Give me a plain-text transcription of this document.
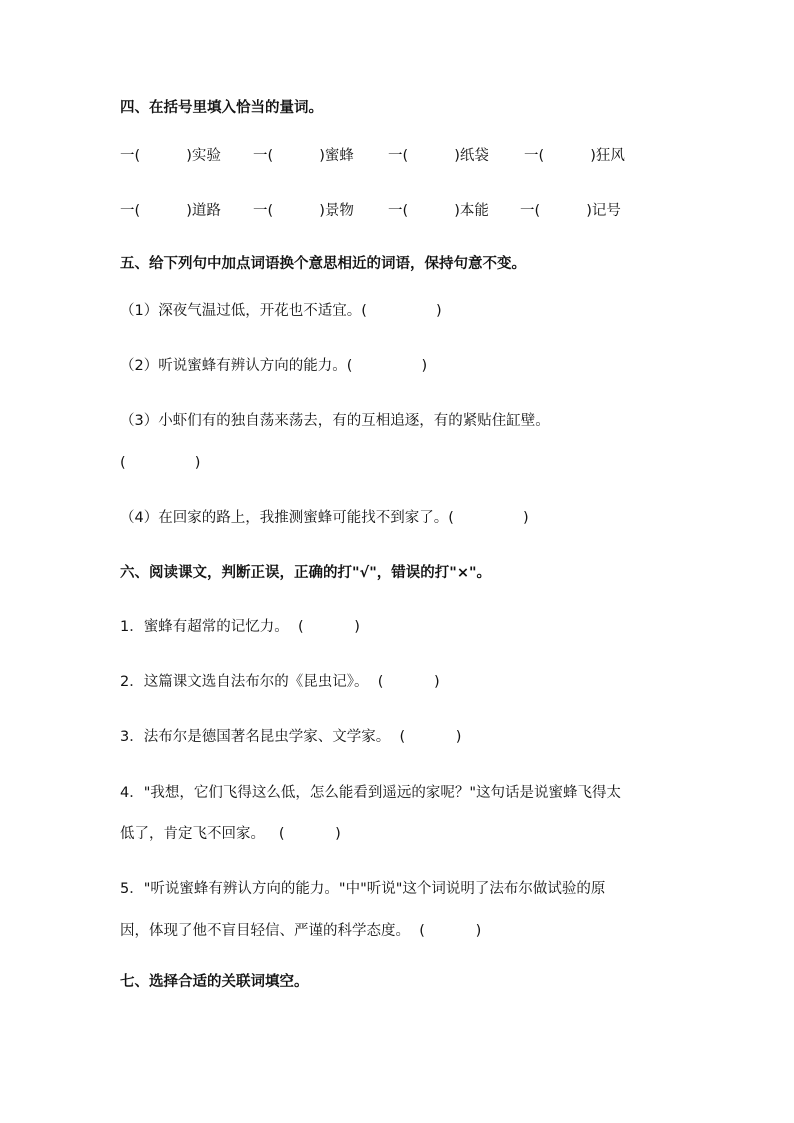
四、在括号里填入恰当的量词。

一(          )实验

一(          )蜜蜂

一(          )纸袋

一(          )狂风

一(          )道路

一(          )景物

一(          )本能

一(          )记号

五、给下列句中加点词语换个意思相近的词语，保持句意不变。
（1）深夜气温过低，开花也不适宜。(               )
（2）听说蜜蜂有辨认方向的能力。(               )
（3）小虾们有的独自荡来荡去，有的互相追逐，有的紧贴住缸壁。
(               )
（4）在回家的路上，我推测蜜蜂可能找不到家了。(               )
六、阅读课文，判断正误，正确的打"√"，错误的打"×"。
1．蜜蜂有超常的记忆力。  (           )
2．这篇课文选自法布尔的《昆虫记》。  (           )
3．法布尔是德国著名昆虫学家、文学家。  (           )
4．"我想，它们飞得这么低，怎么能看到遥远的家呢？"这句话是说蜜蜂飞得太
低了，肯定飞不回家。   (           )
5．"听说蜜蜂有辨认方向的能力。"中"听说"这个词说明了法布尔做试验的原
因，体现了他不盲目轻信、严谨的科学态度。  (           )
七、选择合适的关联词填空。
